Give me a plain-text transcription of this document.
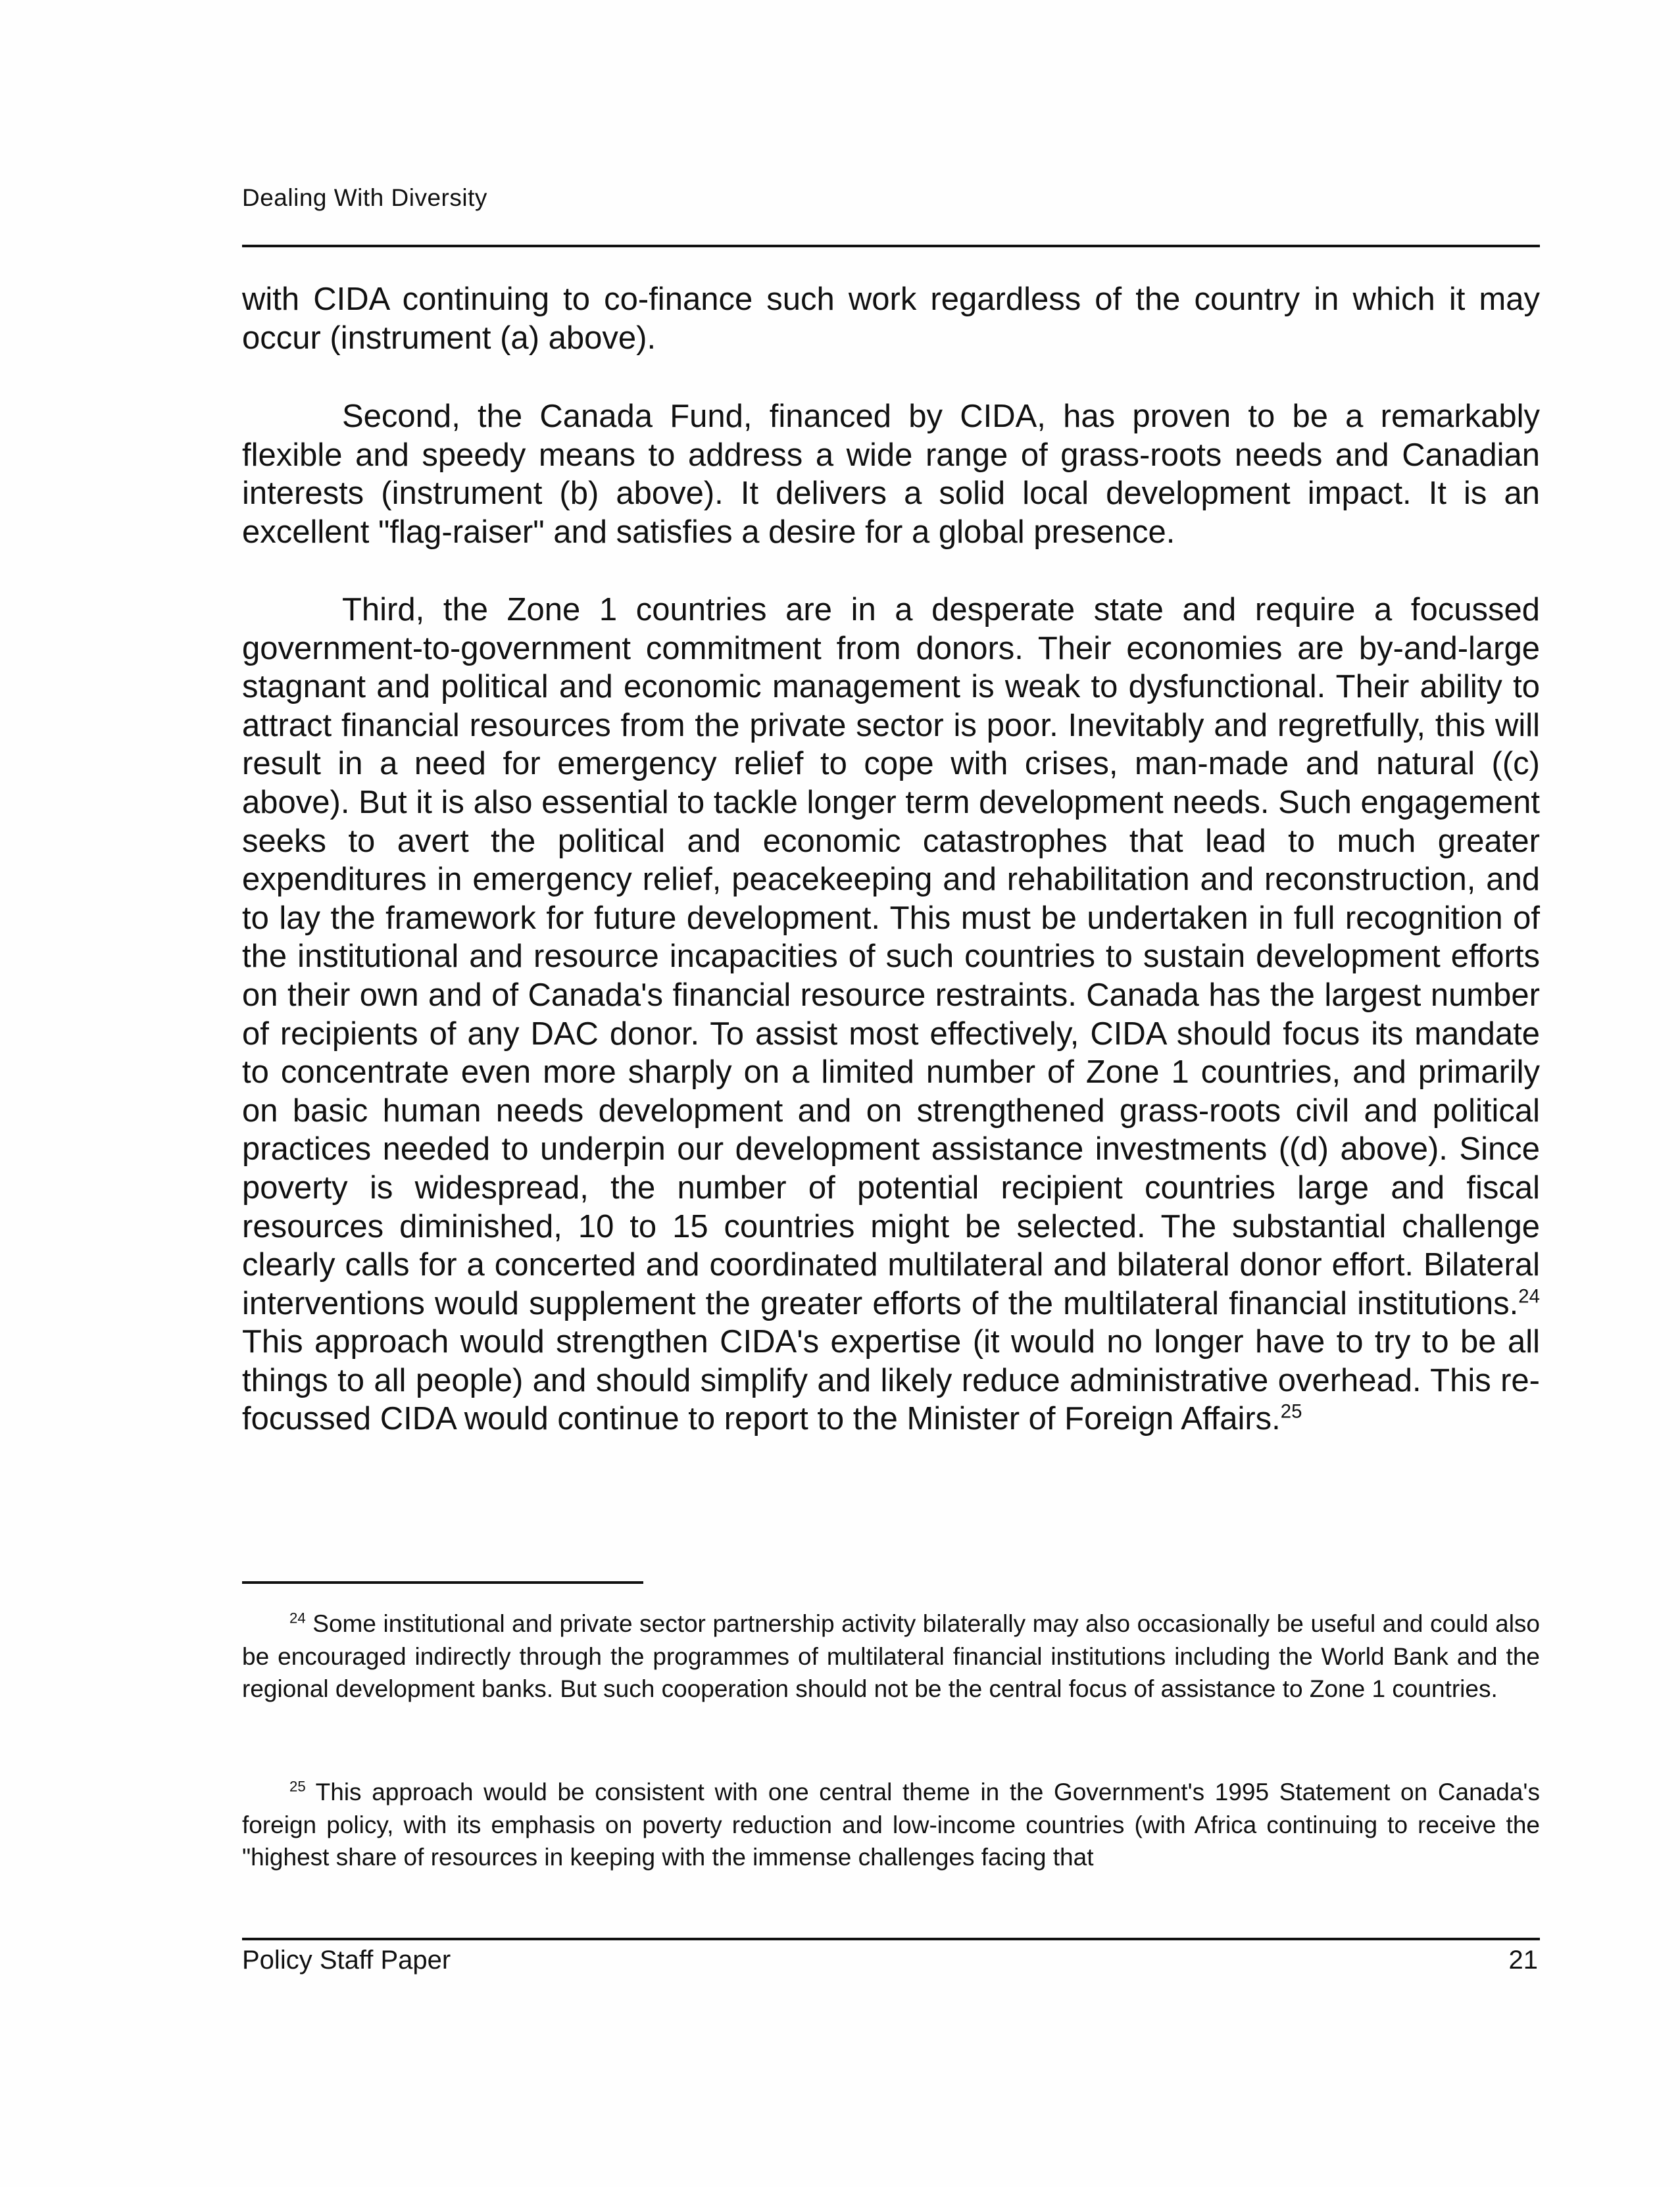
Dealing With Diversity

with CIDA continuing to co-finance such work regardless of the country in which it may occur (instrument (a) above).

Second, the Canada Fund, financed by CIDA, has proven to be a remarkably flexible and speedy means to address a wide range of grass-roots needs and Canadian interests (instrument (b) above). It delivers a solid local development impact. It is an excellent "flag-raiser" and satisfies a desire for a global presence.

Third, the Zone 1 countries are in a desperate state and require a focussed government-to-government commitment from donors. Their economies are by-and-large stagnant and political and economic management is weak to dysfunctional. Their ability to attract financial resources from the private sector is poor. Inevitably and regretfully, this will result in a need for emergency relief to cope with crises, man-made and natural ((c) above). But it is also essential to tackle longer term development needs. Such engagement seeks to avert the political and economic catastrophes that lead to much greater expenditures in emergency relief, peacekeeping and rehabilitation and reconstruction, and to lay the framework for future development. This must be undertaken in full recognition of the institutional and resource incapacities of such countries to sustain development efforts on their own and of Canada's financial resource restraints. Canada has the largest number of recipients of any DAC donor. To assist most effectively, CIDA should focus its mandate to concentrate even more sharply on a limited number of Zone 1 countries, and primarily on basic human needs development and on strengthened grass-roots civil and political practices needed to underpin our development assistance investments ((d) above). Since poverty is widespread, the number of potential recipient countries large and fiscal resources diminished, 10 to 15 countries might be selected. The substantial challenge clearly calls for a concerted and coordinated multilateral and bilateral donor effort. Bilateral interventions would supplement the greater efforts of the multilateral financial institutions.$^{24}$ This approach would strengthen CIDA's expertise (it would no longer have to try to be all things to all people) and should simplify and likely reduce administrative overhead. This re-focussed CIDA would continue to report to the Minister of Foreign Affairs.$^{25}$

$^{24}$ Some institutional and private sector partnership activity bilaterally may also occasionally be useful and could also be encouraged indirectly through the programmes of multilateral financial institutions including the World Bank and the regional development banks. But such cooperation should not be the central focus of assistance to Zone 1 countries.

$^{25}$ This approach would be consistent with one central theme in the Government's 1995 Statement on Canada's foreign policy, with its emphasis on poverty reduction and low-income countries (with Africa continuing to receive the "highest share of resources in keeping with the immense challenges facing that

Policy Staff Paper	21
